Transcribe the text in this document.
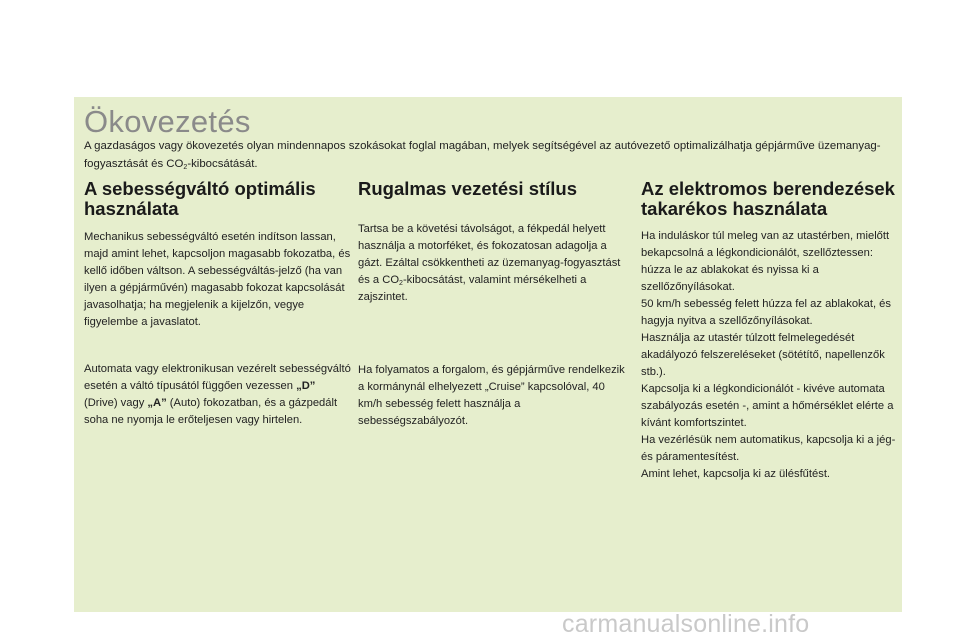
Ökovezetés

A gazdaságos vagy ökovezetés olyan mindennapos szokásokat foglal magában, melyek segítségével az autóvezető optimalizálhatja gépjárműve üzemanyag-fogyasztását és $CO_2$-kibocsátását.

A sebességváltó optimális használata

Mechanikus sebességváltó esetén indítson lassan, majd amint lehet, kapcsoljon magasabb fokozatba, és kellő időben váltson. A sebességváltás-jelző (ha van ilyen a gépjárművén) magasabb fokozat kapcsolását javasolhatja; ha megjelenik a kijelzőn, vegye figyelembe a javaslatot.

Automata vagy elektronikusan vezérelt sebességváltó esetén a váltó típusától függően vezessen „D” (Drive) vagy „A” (Auto) fokozatban, és a gázpedált soha ne nyomja le erőteljesen vagy hirtelen.

Rugalmas vezetési stílus

Tartsa be a követési távolságot, a fékpedál helyett használja a motorféket, és fokozatosan adagolja a gázt. Ezáltal csökkentheti az üzemanyag-fogyasztást és a $CO_2$-kibocsátást, valamint mérsékelheti a zajszintet.

Ha folyamatos a forgalom, és gépjárműve rendelkezik a kormánynál elhelyezett „Cruise” kapcsolóval, 40 km/h sebesség felett használja a sebességszabályozót.

Az elektromos berendezések takarékos használata

Ha induláskor túl meleg van az utastérben, mielőtt bekapcsolná a légkondicionálót, szellőztessen: húzza le az ablakokat és nyissa ki a szellőzőnyílásokat.

50 km/h sebesség felett húzza fel az ablakokat, és hagyja nyitva a szellőzőnyílásokat.

Használja az utastér túlzott felmelegedését akadályozó felszereléseket (sötétítő, napellenzők stb.).

Kapcsolja ki a légkondicionálót - kivéve automata szabályozás esetén -, amint a hőmérséklet elérte a kívánt komfortszintet.

Ha vezérlésük nem automatikus, kapcsolja ki a jég- és páramentesítést.

Amint lehet, kapcsolja ki az ülésfűtést.

carmanualsonline.info
